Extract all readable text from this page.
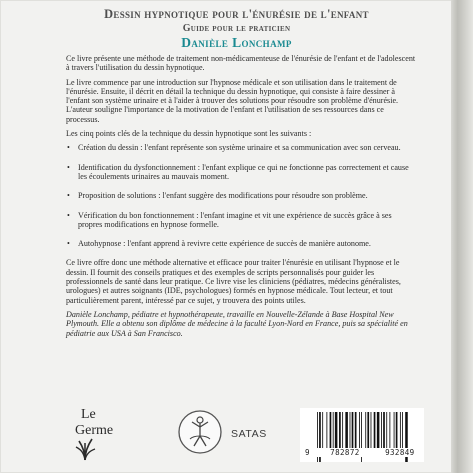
Dessin hypnotique pour l'énurésie de l'enfant
Guide pour le praticien
Danièle Lonchamp

Ce livre présente une méthode de traitement non-médicamenteuse de l'énurésie de l'enfant et de l'adolescent à travers l'utilisation du dessin hypnotique.

Le livre commence par une introduction sur l'hypnose médicale et son utilisation dans le traitement de l'énurésie. Ensuite, il décrit en détail la technique du dessin hypnotique, qui consiste à faire dessiner à l'enfant son système urinaire et à l'aider à trouver des solutions pour résoudre son problème d'énurésie. L'auteur souligne l'importance de la motivation de l'enfant et l'utilisation de ses ressources dans ce processus.

Les cinq points clés de la technique du dessin hypnotique sont les suivants :

• Création du dessin : l'enfant représente son système urinaire et sa communication avec son cerveau.
• Identification du dysfonctionnement : l'enfant explique ce qui ne fonctionne pas correctement et cause les écoulements urinaires au mauvais moment.
• Proposition de solutions : l'enfant suggère des modifications pour résoudre son problème.
• Vérification du bon fonctionnement : l'enfant imagine et vit une expérience de succès grâce à ses propres modifications en hypnose formelle.
• Autohypnose : l'enfant apprend à revivre cette expérience de succès de manière autonome.

Ce livre offre donc une méthode alternative et efficace pour traiter l'énurésie en utilisant l'hypnose et le dessin. Il fournit des conseils pratiques et des exemples de scripts personnalisés pour guider les professionnels de santé dans leur pratique. Ce livre vise les cliniciens (pédiatres, médecins généralistes, urologues) et autres soignants (IDE, psychologues) formés en hypnose médicale. Tout lecteur, et tout particulièrement parent, intéressé par ce sujet, y trouvera des points utiles.

Danièle Lonchamp, pédiatre et hypnothérapeute, travaille en Nouvelle-Zélande à Base Hospital New Plymouth. Elle a obtenu son diplôme de médecine à la faculté Lyon-Nord en France, puis sa spécialité en pédiatrie aux USA à San Francisco.

Le
Germe	SATAS
9	782872	932849
